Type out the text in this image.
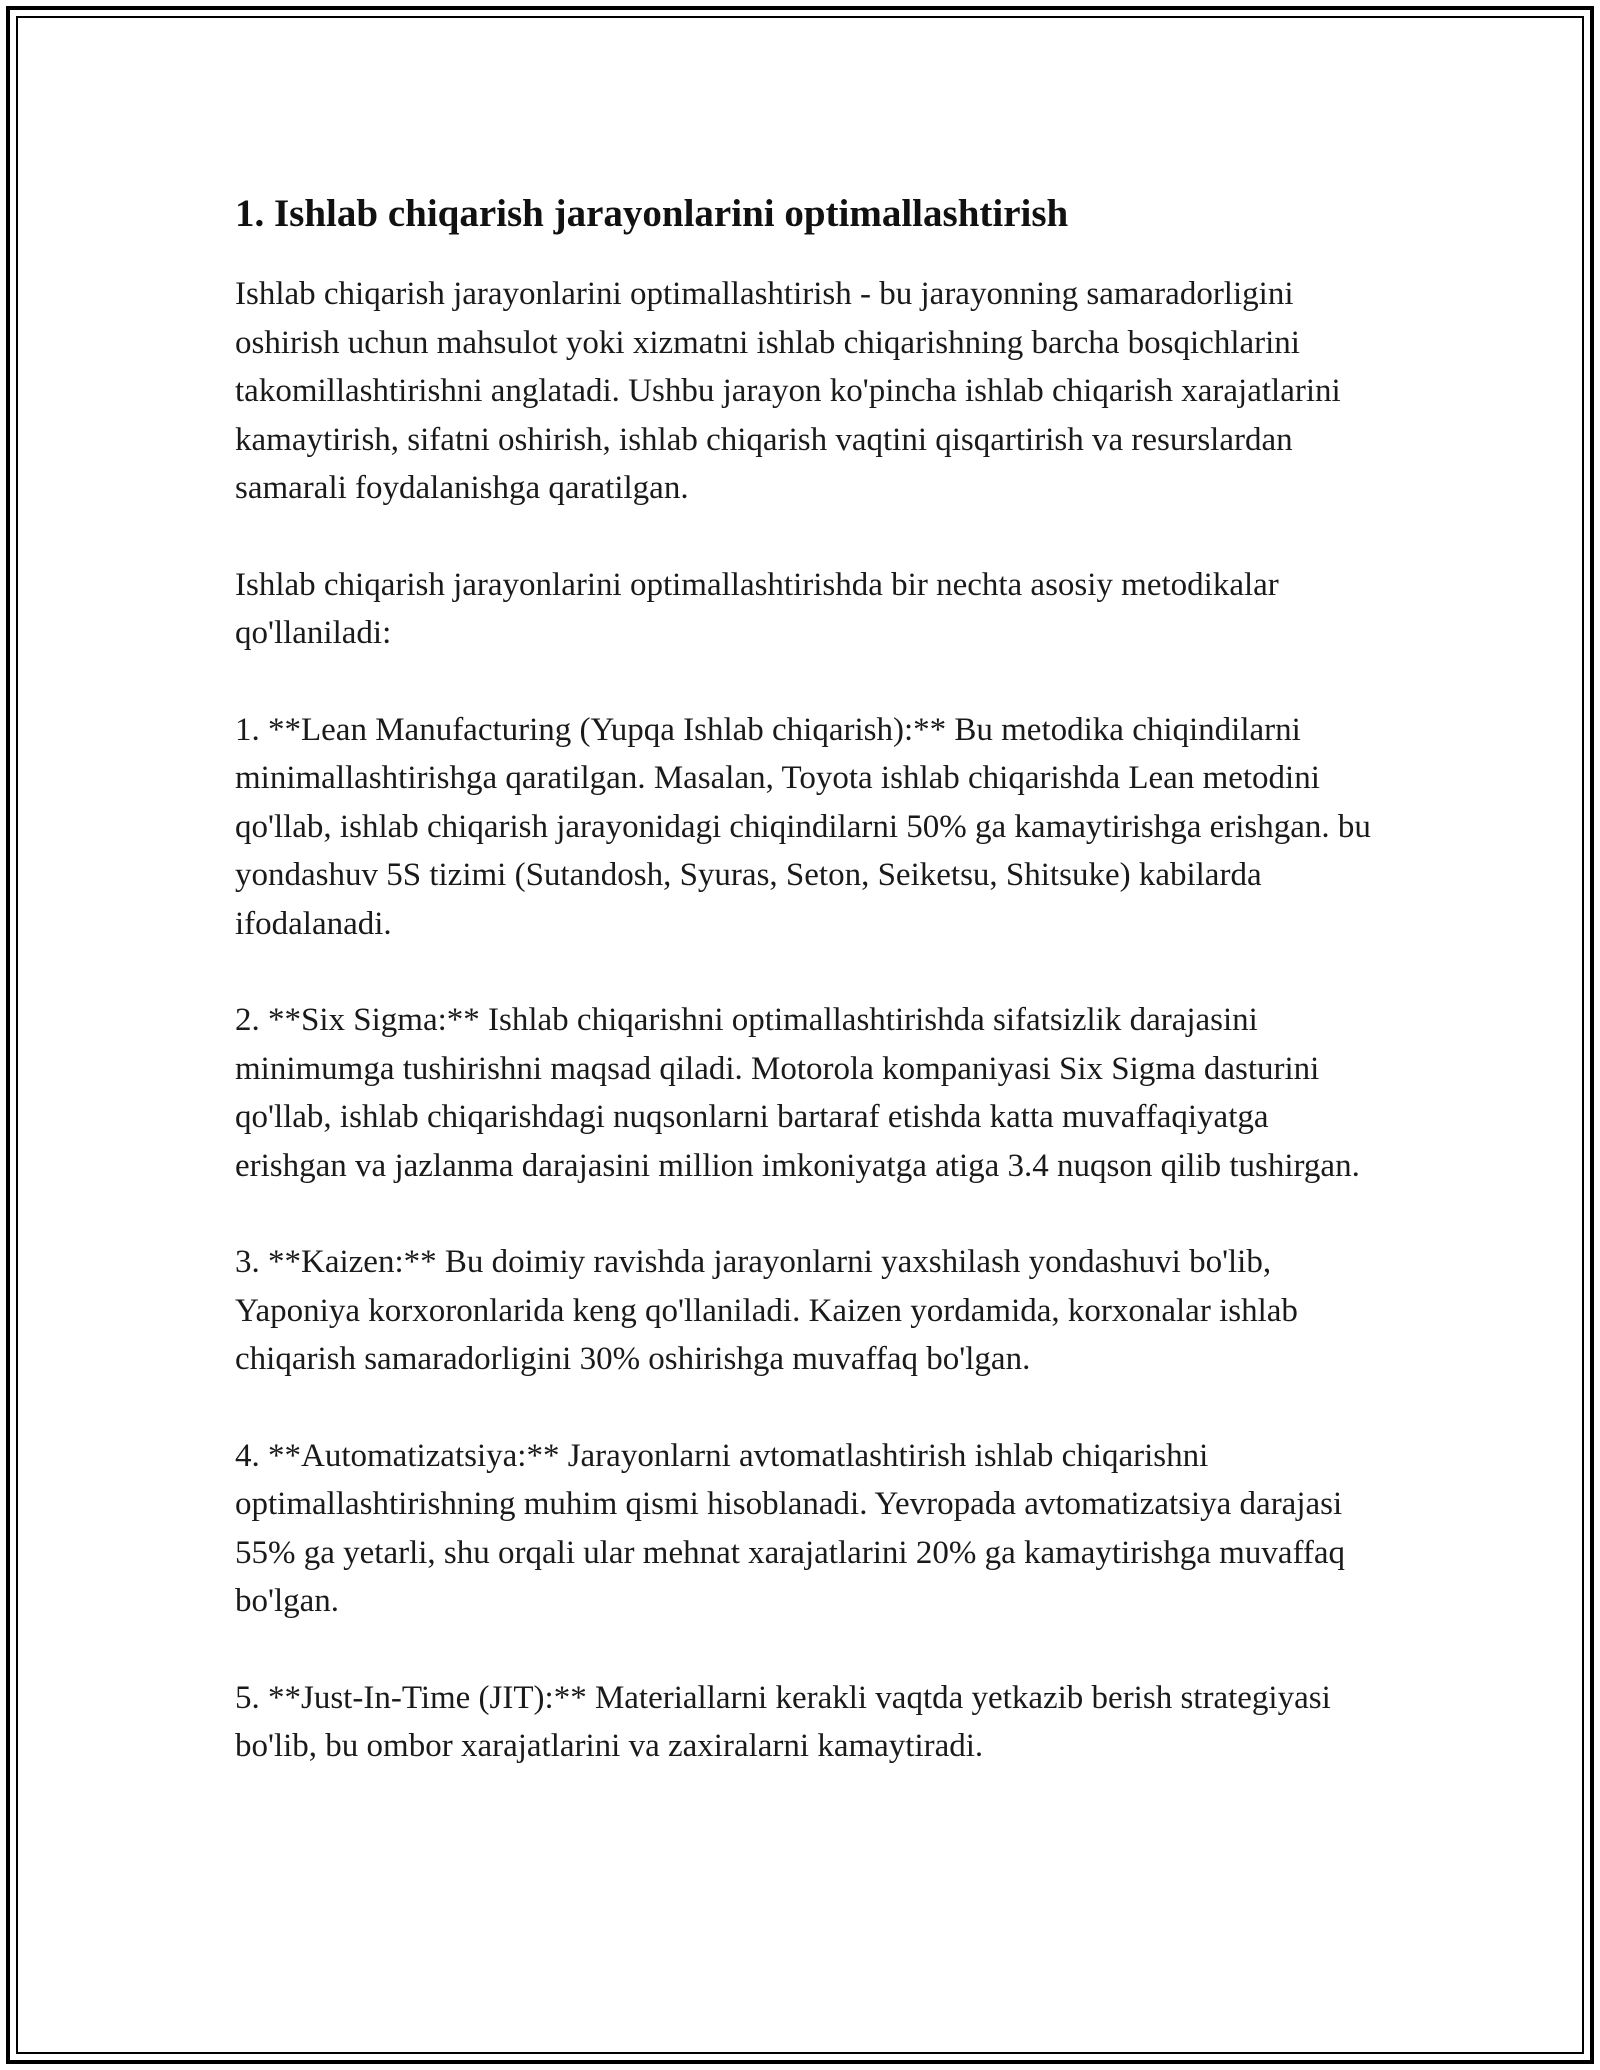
1. Ishlab chiqarish jarayonlarini optimallashtirish

Ishlab chiqarish jarayonlarini optimallashtirish - bu jarayonning samaradorligini oshirish uchun mahsulot yoki xizmatni ishlab chiqarishning barcha bosqichlarini takomillashtirishni anglatadi. Ushbu jarayon ko'pincha ishlab chiqarish xarajatlarini kamaytirish, sifatni oshirish, ishlab chiqarish vaqtini qisqartirish va resurslardan samarali foydalanishga qaratilgan.

Ishlab chiqarish jarayonlarini optimallashtirishda bir nechta asosiy metodikalar qo'llaniladi:

1. **Lean Manufacturing (Yupqa Ishlab chiqarish):** Bu metodika chiqindilarni minimallashtirishga qaratilgan. Masalan, Toyota ishlab chiqarishda Lean metodini qo'llab, ishlab chiqarish jarayonidagi chiqindilarni 50% ga kamaytirishga erishgan. bu yondashuv 5S tizimi (Sutandosh, Syuras, Seton, Seiketsu, Shitsuke) kabilarda ifodalanadi.

2. **Six Sigma:** Ishlab chiqarishni optimallashtirishda sifatsizlik darajasini minimumga tushirishni maqsad qiladi. Motorola kompaniyasi Six Sigma dasturini qo'llab, ishlab chiqarishdagi nuqsonlarni bartaraf etishda katta muvaffaqiyatga erishgan va jazlanma darajasini million imkoniyatga atiga 3.4 nuqson qilib tushirgan.

3. **Kaizen:** Bu doimiy ravishda jarayonlarni yaxshilash yondashuvi bo'lib, Yaponiya korxoronlarida keng qo'llaniladi. Kaizen yordamida, korxonalar ishlab chiqarish samaradorligini 30% oshirishga muvaffaq bo'lgan.

4. **Automatizatsiya:** Jarayonlarni avtomatlashtirish ishlab chiqarishni optimallashtirishning muhim qismi hisoblanadi. Yevropada avtomatizatsiya darajasi 55% ga yetarli, shu orqali ular mehnat xarajatlarini 20% ga kamaytirishga muvaffaq bo'lgan.

5. **Just-In-Time (JIT):** Materiallarni kerakli vaqtda yetkazib berish strategiyasi bo'lib, bu ombor xarajatlarini va zaxiralarni kamaytiradi.
